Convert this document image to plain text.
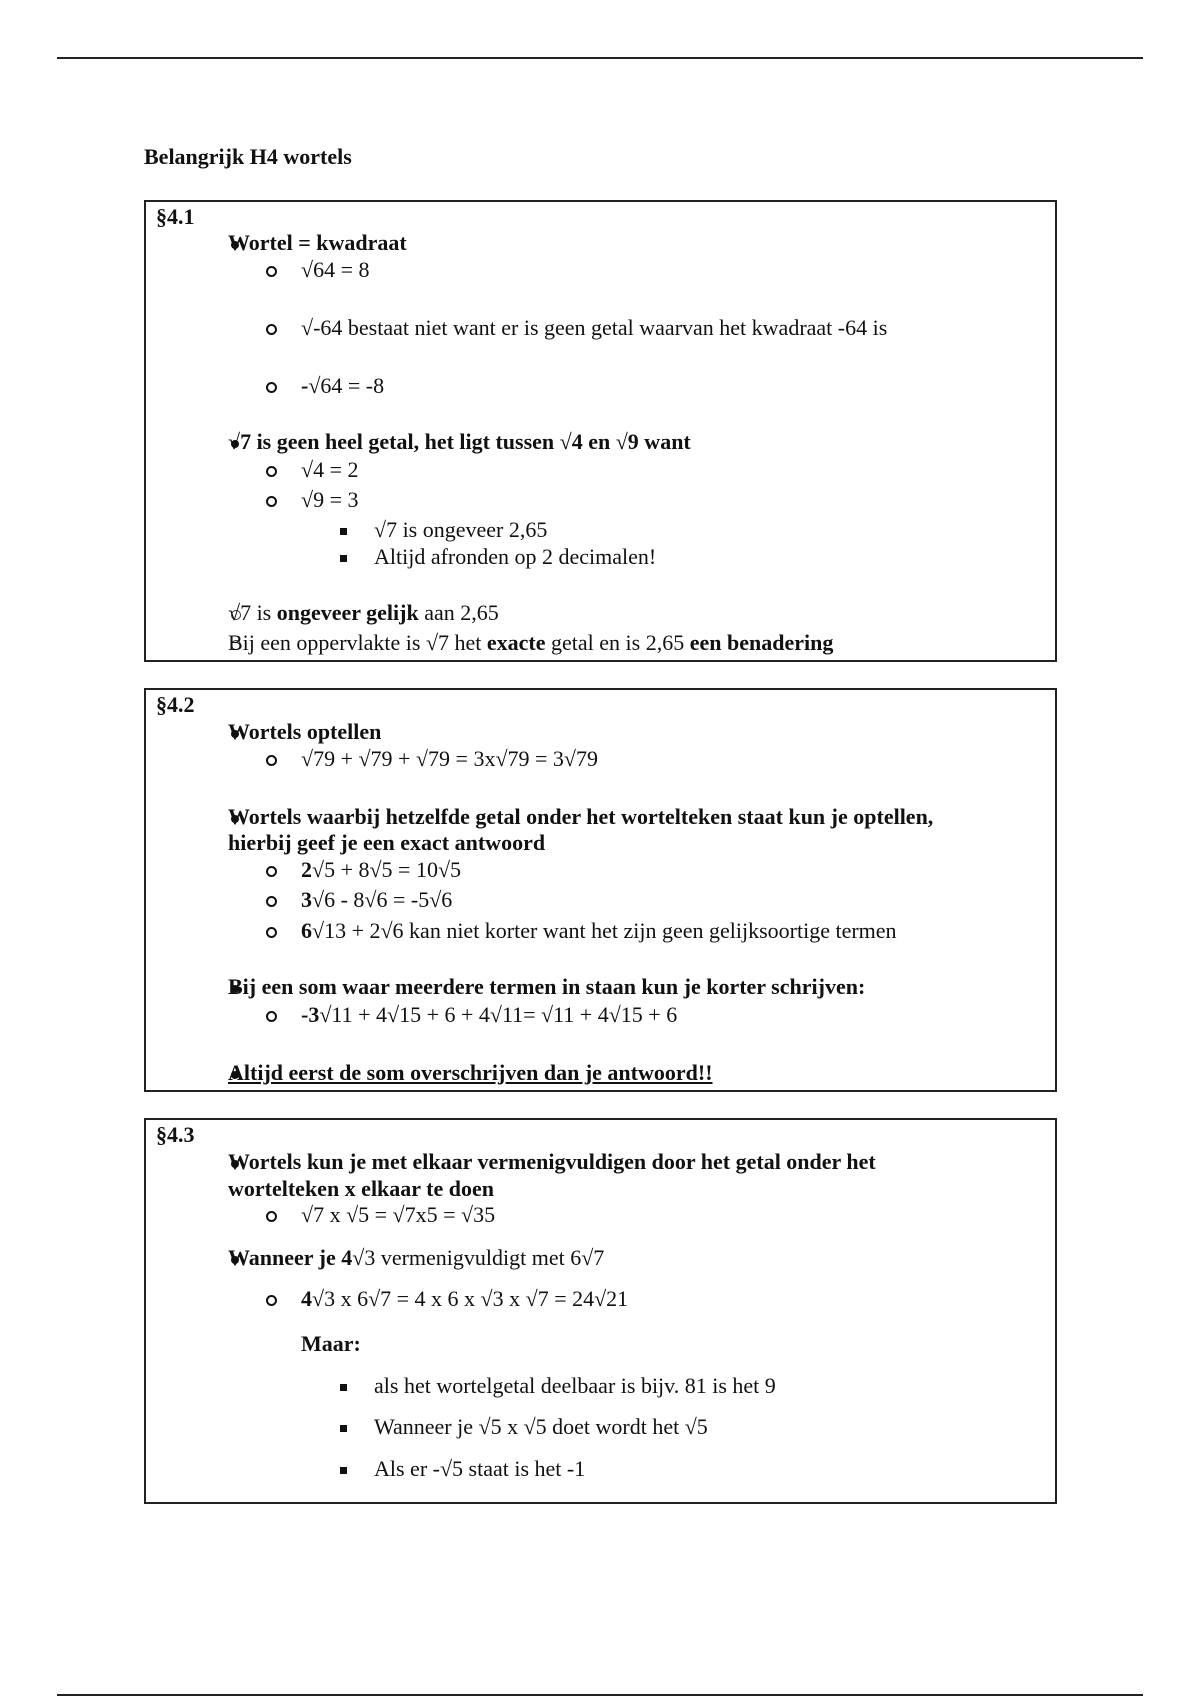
Belangrijk H4 wortels
§4.1
Wortel = kwadraat
√64 = 8
√-64 bestaat niet want er is geen getal waarvan het kwadraat -64 is
-√64 = -8
√7 is geen heel getal, het ligt tussen √4 en √9 want
√4 = 2
√9 = 3
√7 is ongeveer 2,65
Altijd afronden op 2 decimalen!
√7 is ongeveer gelijk aan 2,65
Bij een oppervlakte is √7 het exacte getal en is 2,65 een benadering
§4.2
Wortels optellen
√79 + √79 + √79 = 3x√79 = 3√79
Wortels waarbij hetzelfde getal onder het wortelteken staat kun je optellen,
hierbij geef je een exact antwoord
2√5 + 8√5 = 10√5
3√6 - 8√6 = -5√6
6√13 + 2√6 kan niet korter want het zijn geen gelijksoortige termen
Bij een som waar meerdere termen in staan kun je korter schrijven:
-3√11 + 4√15 + 6 + 4√11= √11 + 4√15 + 6
Altijd eerst de som overschrijven dan je antwoord!!
§4.3
Wortels kun je met elkaar vermenigvuldigen door het getal onder het
wortelteken x elkaar te doen
√7 x √5 = √7x5 = √35
Wanneer je 4√3 vermenigvuldigt met 6√7
4√3 x 6√7 = 4 x 6 x √3 x √7 = 24√21
Maar:
als het wortelgetal deelbaar is bijv. 81 is het 9
Wanneer je √5 x √5 doet wordt het √5
Als er -√5 staat is het -1
